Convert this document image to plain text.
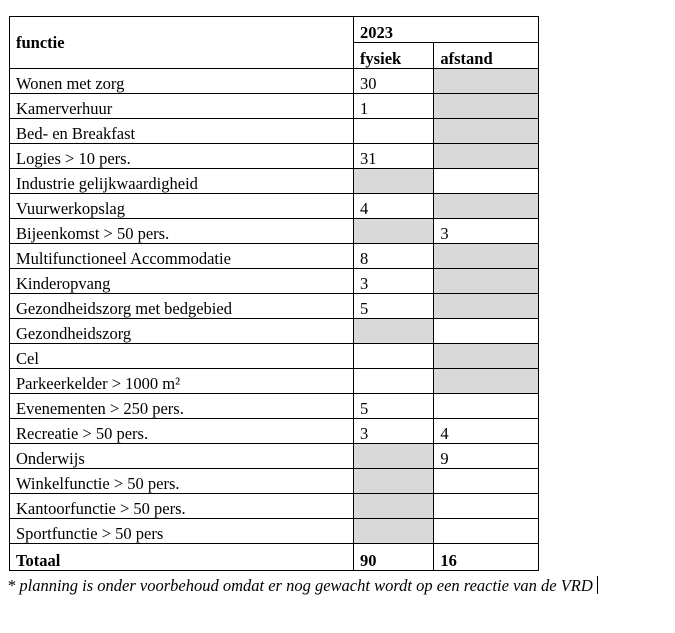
functie	2023	
	fysiek	afstand
Wonen met zorg	30	
Kamerverhuur	1	
Bed- en Breakfast		
Logies > 10 pers.	31	
Industrie gelijkwaardigheid		
Vuurwerkopslag	4	
Bijeenkomst > 50 pers.		3
Multifunctioneel Accommodatie	8	
Kinderopvang	3	
Gezondheidszorg met bedgebied	5	
Gezondheidszorg		
Cel		
Parkeerkelder > 1000 m²		
Evenementen > 250 pers.	5	
Recreatie > 50 pers.	3	4
Onderwijs		9
Winkelfunctie > 50 pers.		
Kantoorfunctie > 50 pers.		
Sportfunctie > 50 pers		
Totaal	90	16
* planning is onder voorbehoud omdat er nog gewacht wordt op een reactie van de VRD
